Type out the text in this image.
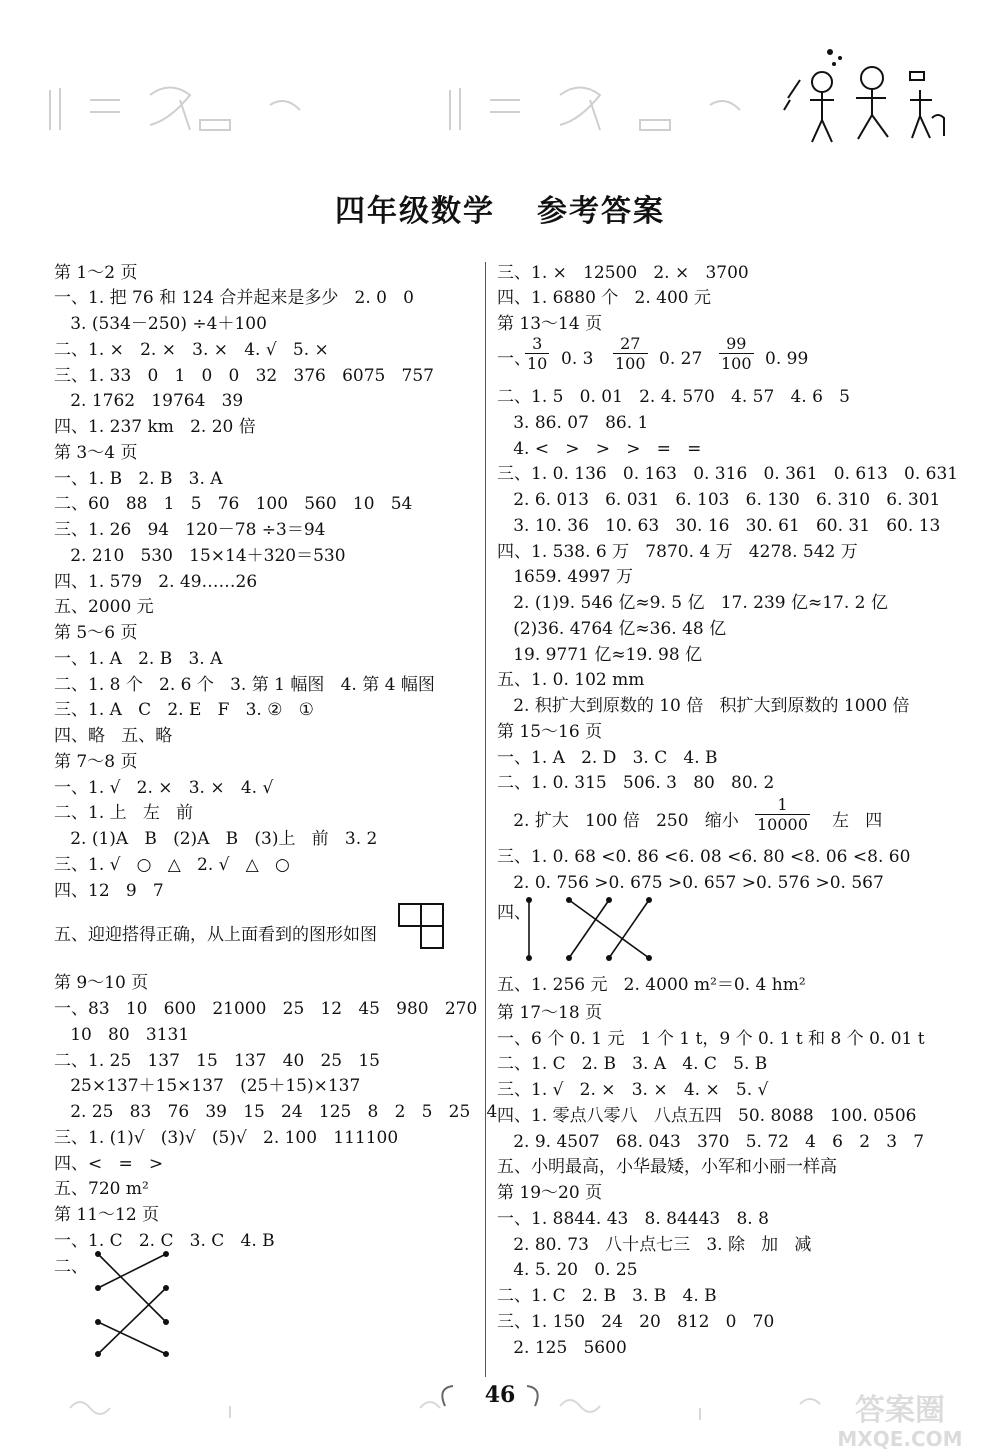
四年级数学 参考答案
第 1～2 页
一、1. 把 76 和 124 合并起来是多少   2. 0   0
3. (534－250) ÷4＋100
二、1. ×   2. ×   3. ×   4. √   5. ×
三、1. 33   0   1   0   0   32   376   6075   757
2. 1762   19764   39
四、1. 237 km   2. 20 倍
第 3～4 页
一、1. B   2. B   3. A
二、60   88   1   5   76   100   560   10   54
三、1. 26   94   120－78 ÷3＝94
2. 210   530   15×14＋320＝530
四、1. 579   2. 49……26
五、2000 元
第 5～6 页
一、1. A   2. B   3. A
二、1. 8 个   2. 6 个   3. 第 1 幅图   4. 第 4 幅图
三、1. A   C   2. E   F   3. ②   ①
四、略   五、略
第 7～8 页
一、1. √   2. ×   3. ×   4. √
二、1. 上   左   前
2. (1)A   B   (2)A   B   (3)上   前   3. 2
三、1. √   ○   △   2. √   △   ○
四、12   9   7
五、迎迎搭得正确，从上面看到的图形如图
第 9～10 页
一、83   10   600   21000   25   12   45   980   270
10   80   3131
二、1. 25   137   15   137   40   25   15
25×137＋15×137   (25＋15)×137
2. 25   83   76   39   15   24   125   8   2   5   25   4
三、1. (1)√   (3)√   (5)√   2. 100   111100
四、<   =   >
五、720 m²
第 11～12 页
一、1. C   2. C   3. C   4. B
二、
三、1. ×   12500   2. ×   3700
四、1. 6880 个   2. 400 元
第 13～14 页
一、
$\frac{3}{10} 0$. $3 \frac{27}{100} 0$. $27 \frac{99}{100} 0$. 99
二、1. 5   0. 01   2. 4. 570   4. 57   4. 6   5
3. 86. 07   86. 1
4. <   >   >   >   =   =
三、1. 0. 136   0. 163   0. 316   0. 361   0. 613   0. 631
2. 6. 013   6. 031   6. 103   6. 130   6. 310   6. 301
3. 10. 36   10. 63   30. 16   30. 61   60. 31   60. 13
四、1. 538. 6 万   7870. 4 万   4278. 542 万
1659. 4997 万
2. (1)9. 546 亿≈9. 5 亿   17. 239 亿≈17. 2 亿
(2)36. 4764 亿≈36. 48 亿
19. 9771 亿≈19. 98 亿
五、1. 0. 102 mm
2. 积扩大到原数的 10 倍   积扩大到原数的 1000 倍
第 15～16 页
一、1. A   2. D   3. C   4. B
二、1. 0. 315   506. 3   80   80. 2
2. 扩大   100 倍   250   缩小 $\frac{1}{10000}$ 左   四
三、1. 0. 68 <0. 86 <6. 08 <6. 80 <8. 06 <8. 60
2. 0. 756 >0. 675 >0. 657 >0. 576 >0. 567
四、
五、1. 256 元   2. 4000 m²＝0. 4 hm²
第 17～18 页
一、6 个 0. 1 元   1 个 1 t，9 个 0. 1 t 和 8 个 0. 01 t
二、1. C   2. B   3. A   4. C   5. B
三、1. √   2. ×   3. ×   4. ×   5. √
四、1. 零点八零八   八点五四   50. 8088   100. 0506
2. 9. 4507   68. 043   370   5. 72   4   6   2   3   7
五、小明最高，小华最矮，小军和小丽一样高
第 19～20 页
一、1. 8844. 43   8. 84443   8. 8
2. 80. 73   八十点七三   3. 除   加   减
4. 5. 20   0. 25
二、1. C   2. B   3. B   4. B
三、1. 150   24   20   812   0   70
2. 125   5600
46	答案圈
MXQE.COM
